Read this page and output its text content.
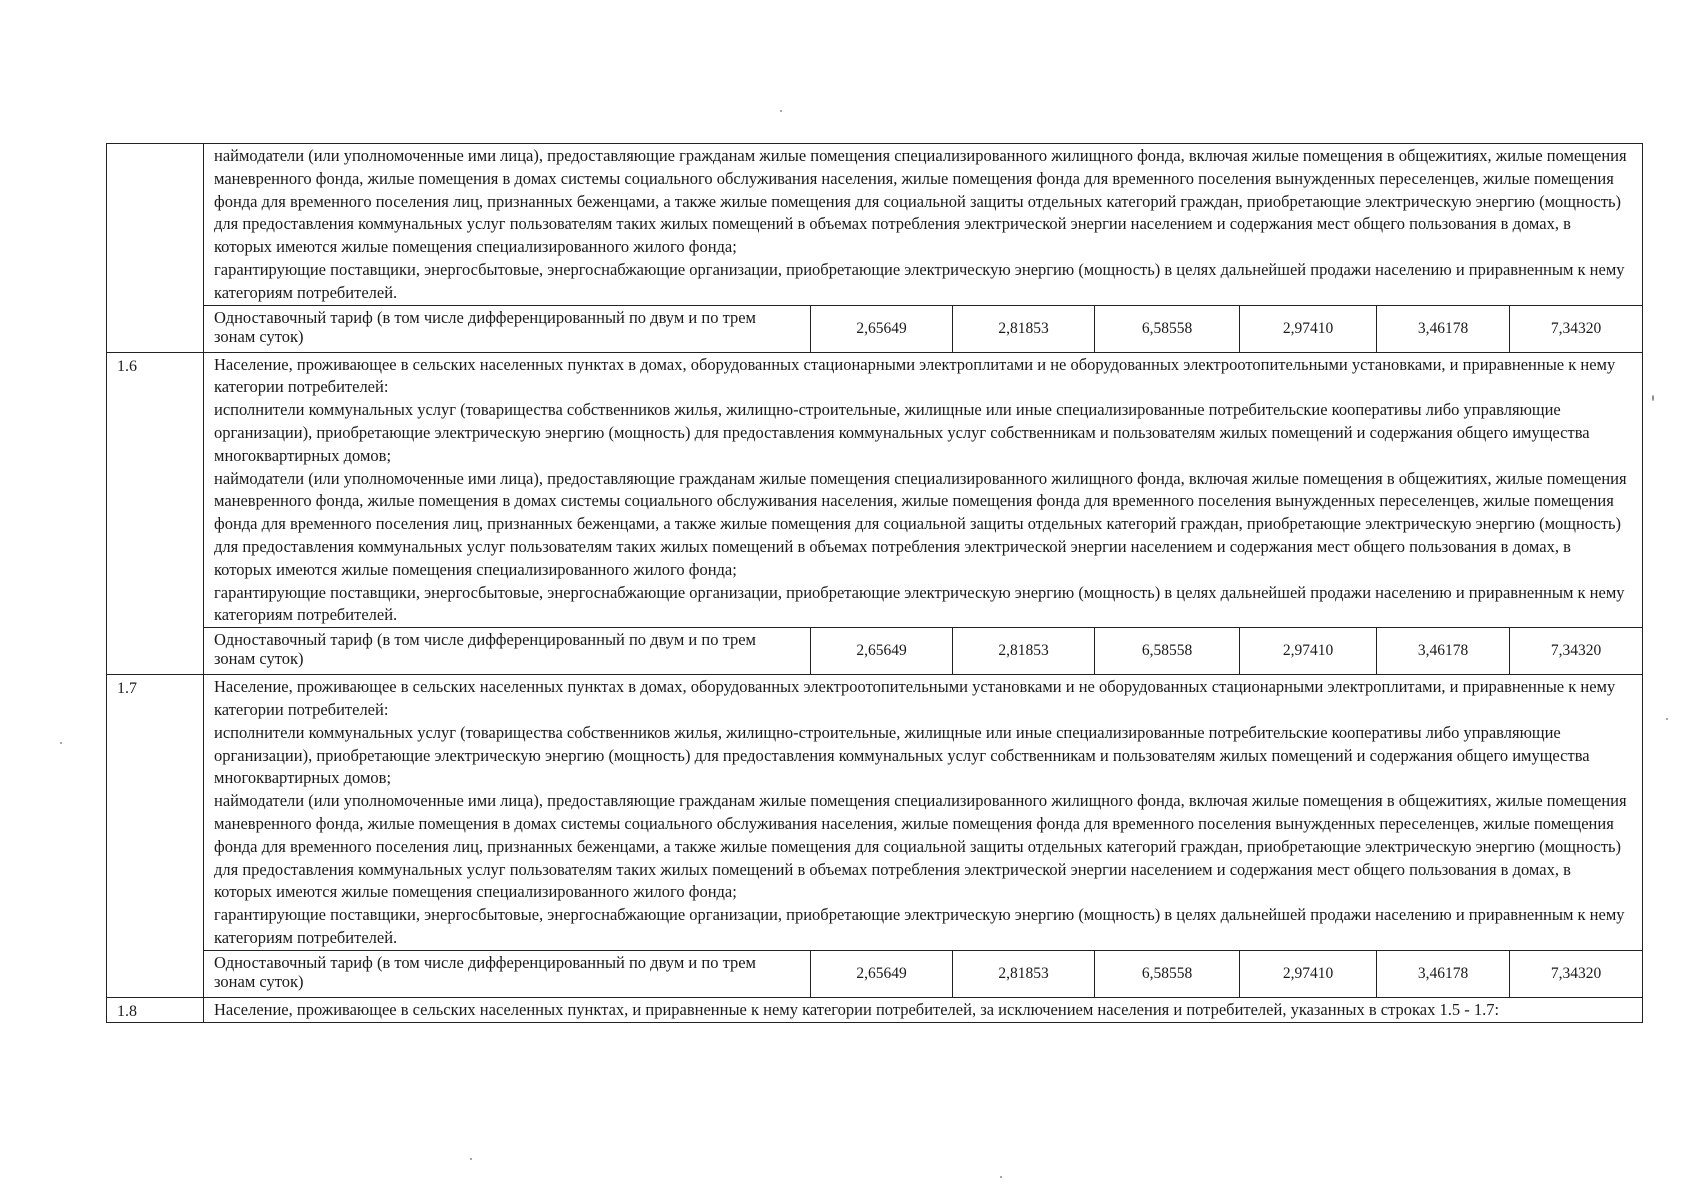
	наймодатели (или уполномоченные ими лица), предоставляющие гражданам жилые помещения специализированного жилищного фонда, включая жилые помещения в общежитиях, жилые помещения маневренного фонда, жилые помещения в домах системы социального обслуживания населения, жилые помещения фонда для временного поселения вынужденных переселенцев, жилые помещения фонда для временного поселения лиц, признанных беженцами, а также жилые помещения для социальной защиты отдельных категорий граждан, приобретающие электрическую энергию (мощность) для предоставления коммунальных услуг пользователям таких жилых помещений в объемах потребления электрической энергии населением и содержания мест общего пользования в домах, в которых имеются жилые помещения специализированного жилого фонда;

гарантирующие поставщики, энергосбытовые, энергоснабжающие организации, приобретающие электрическую энергию (мощность) в целях дальнейшей продажи населению и приравненным к нему категориям потребителей.						

	Одноставочный тариф (в том числе дифференцированный по двум и по трем зонам суток)	2,65649	2,81853	6,58558	2,97410	3,46178	7,34320
1.6	Население, проживающее в сельских населенных пунктах в домах, оборудованных стационарными электроплитами и не оборудованных электроотопительными установками, и приравненные к нему категории потребителей:

исполнители коммунальных услуг (товарищества собственников жилья, жилищно-строительные, жилищные или иные специализированные потребительские кооперативы либо управляющие организации), приобретающие электрическую энергию (мощность) для предоставления коммунальных услуг собственникам и пользователям жилых помещений и содержания общего имущества многоквартирных домов;

наймодатели (или уполномоченные ими лица), предоставляющие гражданам жилые помещения специализированного жилищного фонда, включая жилые помещения в общежитиях, жилые помещения маневренного фонда, жилые помещения в домах системы социального обслуживания населения, жилые помещения фонда для временного поселения вынужденных переселенцев, жилые помещения фонда для временного поселения лиц, признанных беженцами, а также жилые помещения для социальной защиты отдельных категорий граждан, приобретающие электрическую энергию (мощность) для предоставления коммунальных услуг пользователям таких жилых помещений в объемах потребления электрической энергии населением и содержания мест общего пользования в домах, в которых имеются жилые помещения специализированного жилого фонда;

гарантирующие поставщики, энергосбытовые, энергоснабжающие организации, приобретающие электрическую энергию (мощность) в целях дальнейшей продажи населению и приравненным к нему категориям потребителей.						

	Одноставочный тариф (в том числе дифференцированный по двум и по трем зонам суток)	2,65649	2,81853	6,58558	2,97410	3,46178	7,34320
1.7	Население, проживающее в сельских населенных пунктах в домах, оборудованных электроотопительными установками и не оборудованных стационарными электроплитами, и приравненные к нему категории потребителей:

исполнители коммунальных услуг (товарищества собственников жилья, жилищно-строительные, жилищные или иные специализированные потребительские кооперативы либо управляющие организации), приобретающие электрическую энергию (мощность) для предоставления коммунальных услуг собственникам и пользователям жилых помещений и содержания общего имущества многоквартирных домов;

наймодатели (или уполномоченные ими лица), предоставляющие гражданам жилые помещения специализированного жилищного фонда, включая жилые помещения в общежитиях, жилые помещения маневренного фонда, жилые помещения в домах системы социального обслуживания населения, жилые помещения фонда для временного поселения вынужденных переселенцев, жилые помещения фонда для временного поселения лиц, признанных беженцами, а также жилые помещения для социальной защиты отдельных категорий граждан, приобретающие электрическую энергию (мощность) для предоставления коммунальных услуг пользователям таких жилых помещений в объемах потребления электрической энергии населением и содержания мест общего пользования в домах, в которых имеются жилые помещения специализированного жилого фонда;

гарантирующие поставщики, энергосбытовые, энергоснабжающие организации, приобретающие электрическую энергию (мощность) в целях дальнейшей продажи населению и приравненным к нему категориям потребителей.						

	Одноставочный тариф (в том числе дифференцированный по двум и по трем зонам суток)	2,65649	2,81853	6,58558	2,97410	3,46178	7,34320
1.8	Население, проживающее в сельских населенных пунктах, и приравненные к нему категории потребителей, за исключением населения и потребителей, указанных в строках 1.5 - 1.7:						
